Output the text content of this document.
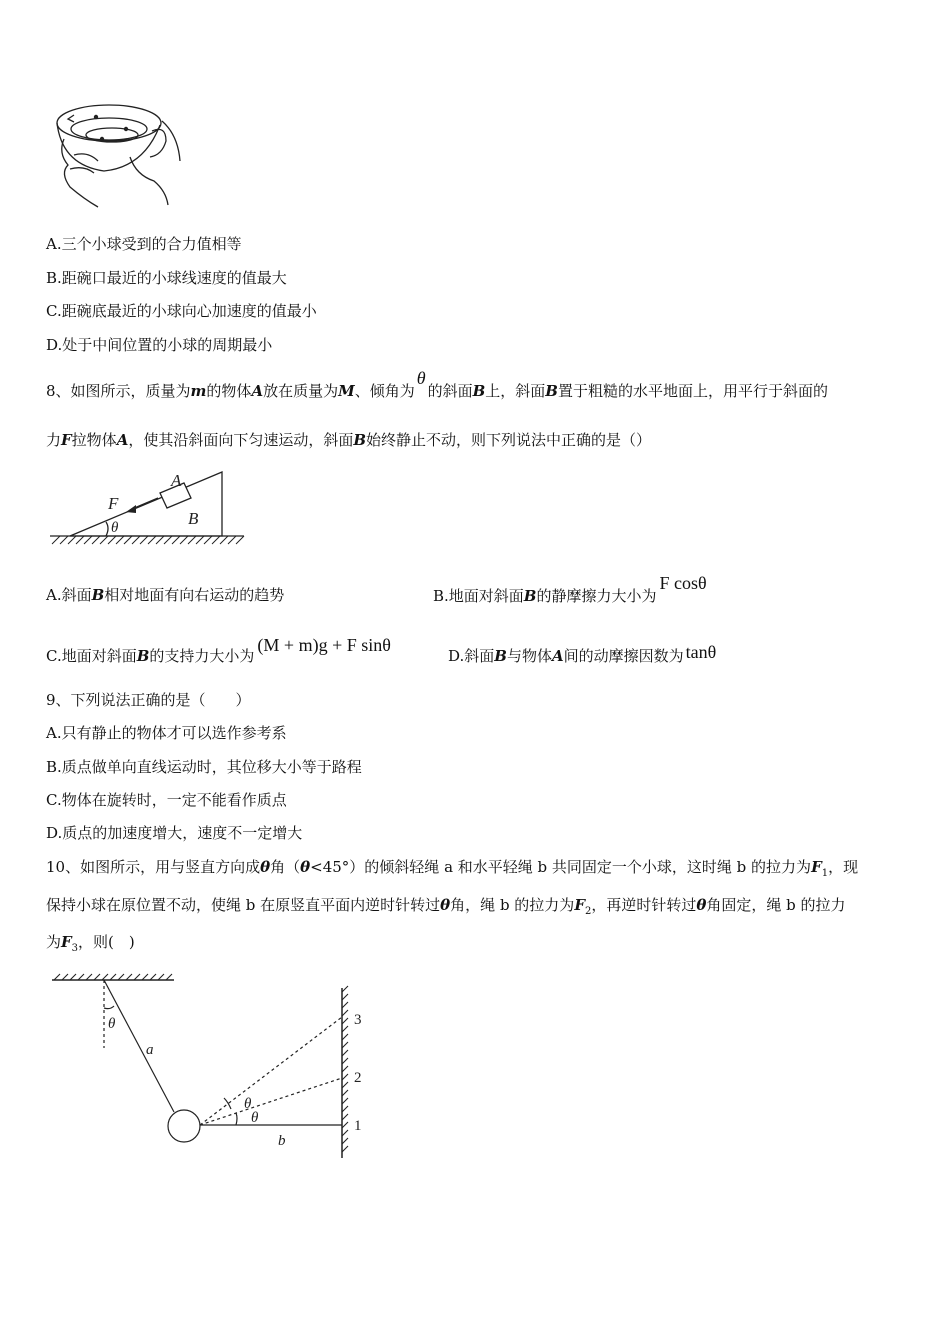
A.三个小球受到的合力值相等
B.距碗口最近的小球线速度的值最大
C.距碗底最近的小球向心加速度的值最小
D.处于中间位置的小球的周期最小
8、如图所示，质量为m的物体A放在质量为M、倾角为θ的斜面B上，斜面B置于粗糙的水平地面上，用平行于斜面的
力F拉物体A，使其沿斜面向下匀速运动，斜面B始终静止不动，则下列说法中正确的是（）
A
B
F
θ
A.斜面B相对地面有向右运动的趋势	B.地面对斜面B的静摩擦力大小为F cosθ
C.地面对斜面B的支持力大小为(M + m)g + F sinθ
D.斜面B与物体A间的动摩擦因数为 tanθ
9、下列说法正确的是（　　）
A.只有静止的物体才可以选作参考系
B.质点做单向直线运动时，其位移大小等于路程
C.物体在旋转时，一定不能看作质点
D.质点的加速度增大，速度不一定增大
10、如图所示，用与竖直方向成θ角（θ<45°）的倾斜轻绳 a 和水平轻绳 b 共同固定一个小球，这时绳 b 的拉力为$F_1$，现
保持小球在原位置不动，使绳 b 在原竖直平面内逆时针转过θ角，绳 b 的拉力为$F_2$，再逆时针转过θ角固定，绳 b 的拉力
为$F_3$，则(　)
θ
a
b
θ
θ	1
2
3
